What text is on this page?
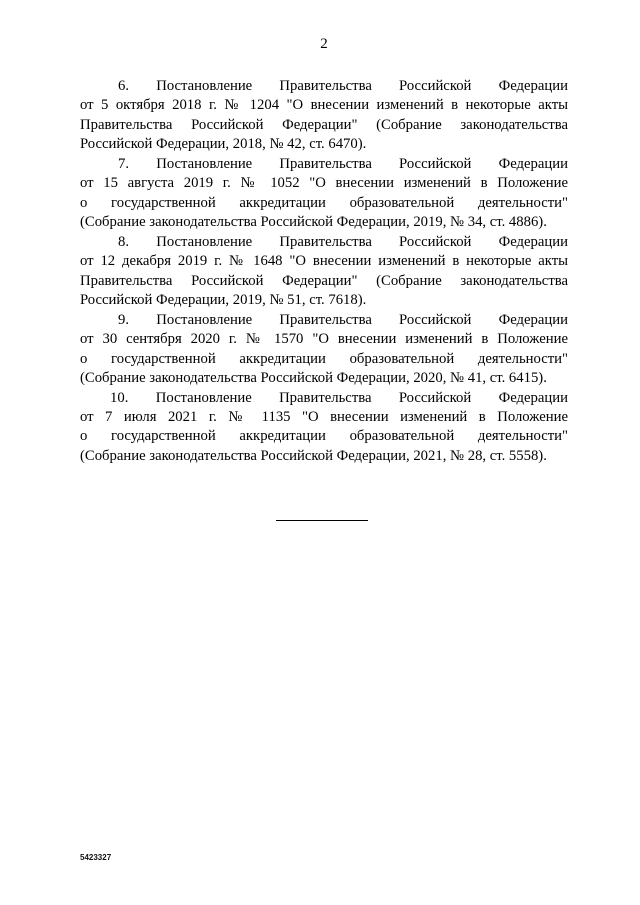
2
6. Постановление Правительства Российской Федерации
от 5 октября 2018 г. № 1204 "О внесении изменений в некоторые акты
Правительства Российской Федерации" (Собрание законодательства
Российской Федерации, 2018, № 42, ст. 6470).
7. Постановление Правительства Российской Федерации
от 15 августа 2019 г. № 1052 "О внесении изменений в Положение
о государственной аккредитации образовательной деятельности"
(Собрание законодательства Российской Федерации, 2019, № 34, ст. 4886).
8. Постановление Правительства Российской Федерации
от 12 декабря 2019 г. № 1648 "О внесении изменений в некоторые акты
Правительства Российской Федерации" (Собрание законодательства
Российской Федерации, 2019, № 51, ст. 7618).
9. Постановление Правительства Российской Федерации
от 30 сентября 2020 г. № 1570 "О внесении изменений в Положение
о государственной аккредитации образовательной деятельности"
(Собрание законодательства Российской Федерации, 2020, № 41, ст. 6415).
10. Постановление Правительства Российской Федерации
от 7 июля 2021 г. № 1135 "О внесении изменений в Положение
о государственной аккредитации образовательной деятельности"
(Собрание законодательства Российской Федерации, 2021, № 28, ст. 5558).
5423327
